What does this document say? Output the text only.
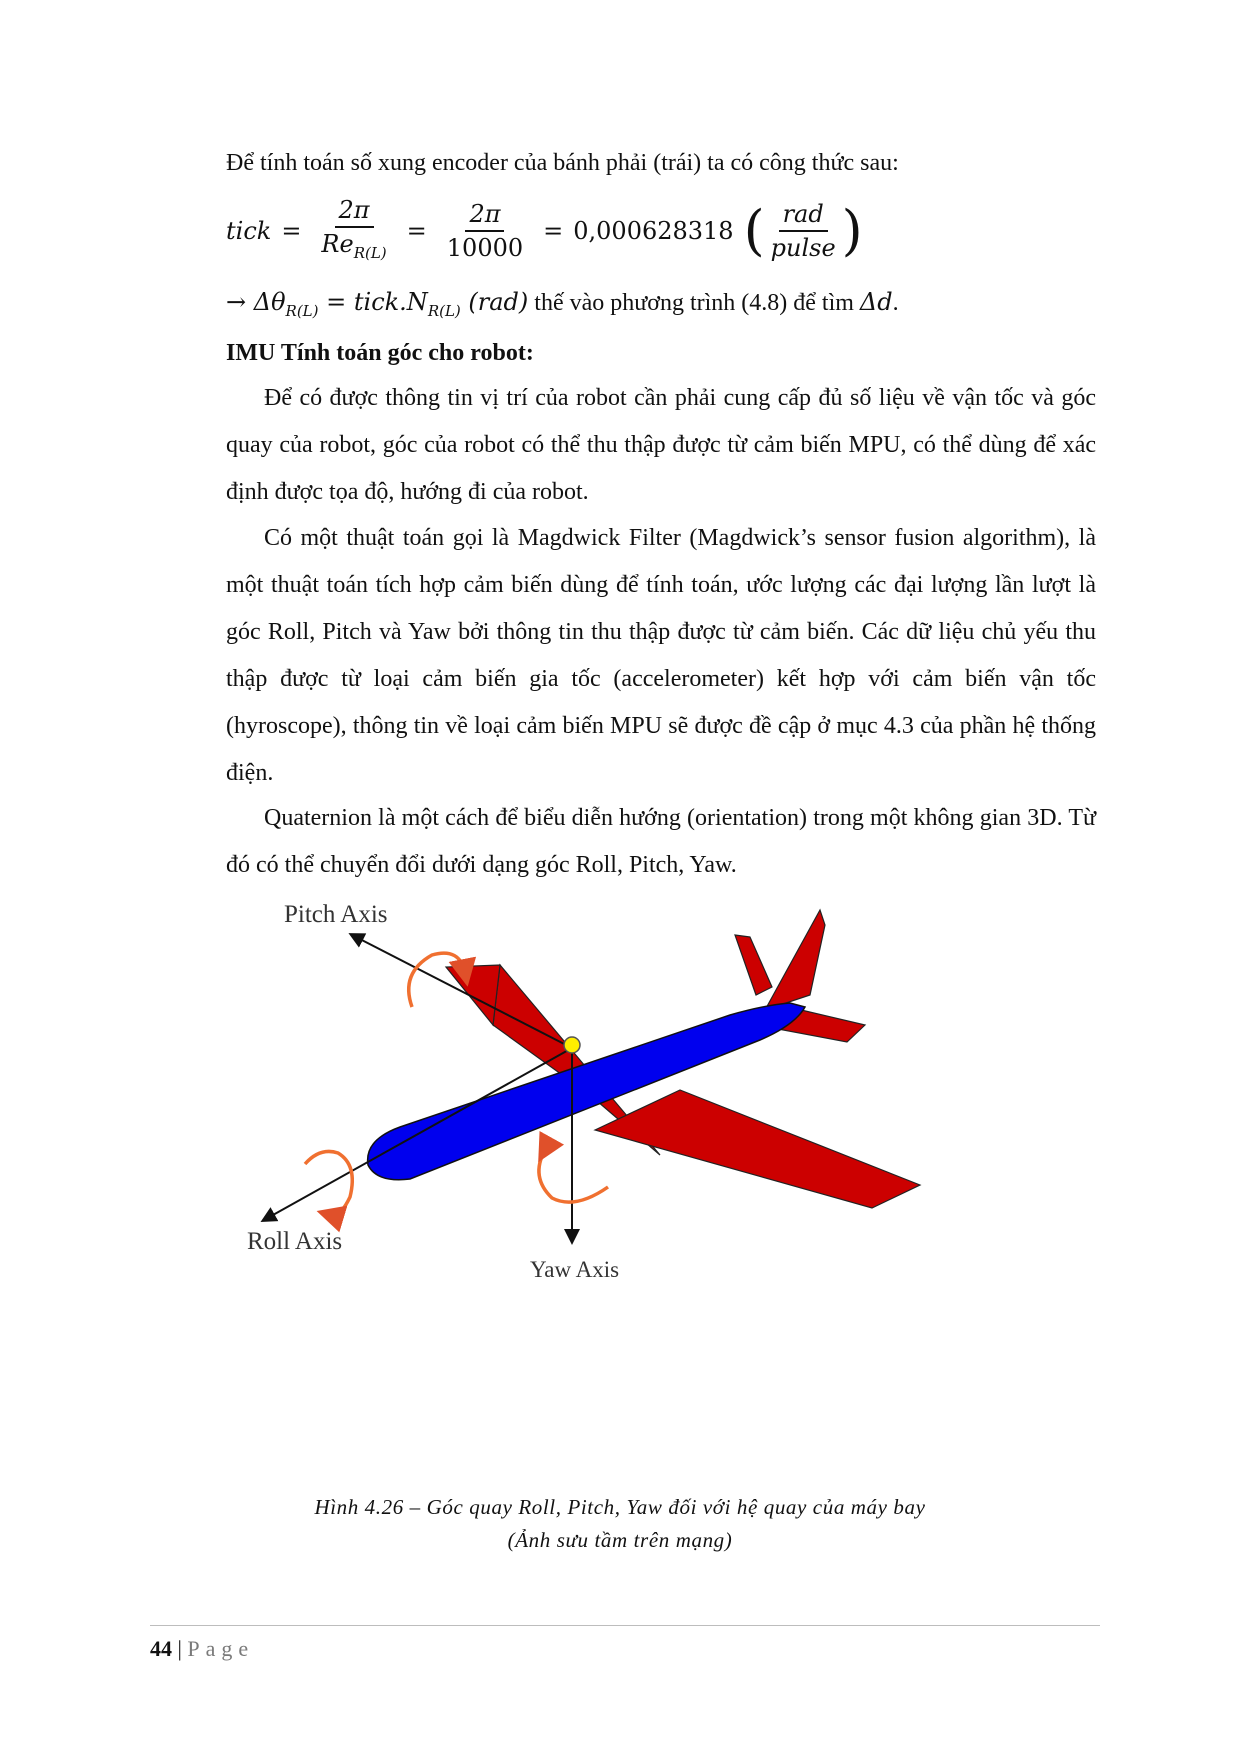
Để tính toán số xung encoder của bánh phải (trái) ta có công thức sau:

tick = $\frac{2\pi}{Re_{R(L)}} = \frac{2\pi}{10000} = 0,000628318$ ( $\frac{\text{rad}}{\text{pulse}}$ )
→ $\Delta\theta_{R(L)}$ = $tick.N_{R(L)}$ (rad) thế vào phương trình (4.8) để tìm Δd.

IMU Tính toán góc cho robot:

Để có được thông tin vị trí của robot cần phải cung cấp đủ số liệu về vận tốc và góc quay của robot, góc của robot có thể thu thập được từ cảm biến MPU, có thể dùng để xác định được tọa độ, hướng đi của robot.

Có một thuật toán gọi là Magdwick Filter (Magdwick’s sensor fusion algorithm), là một thuật toán tích hợp cảm biến dùng để tính toán, ước lượng các đại lượng lần lượt là góc Roll, Pitch và Yaw bởi thông tin thu thập được từ cảm biến. Các dữ liệu chủ yếu thu thập được từ loại cảm biến gia tốc (accelerometer) kết hợp với cảm biến vận tốc (hyroscope), thông tin về loại cảm biến MPU sẽ được đề cập ở mục 4.3 của phần hệ thống điện.

Quaternion là một cách để biểu diễn hướng (orientation) trong một không gian 3D. Từ đó có thể chuyển đổi dưới dạng góc Roll, Pitch, Yaw.

Pitch Axis
Roll Axis
Yaw Axis

Hình 4.26 – Góc quay Roll, Pitch, Yaw đối với hệ quay của máy bay

(Ảnh sưu tầm trên mạng)

44 | Page
